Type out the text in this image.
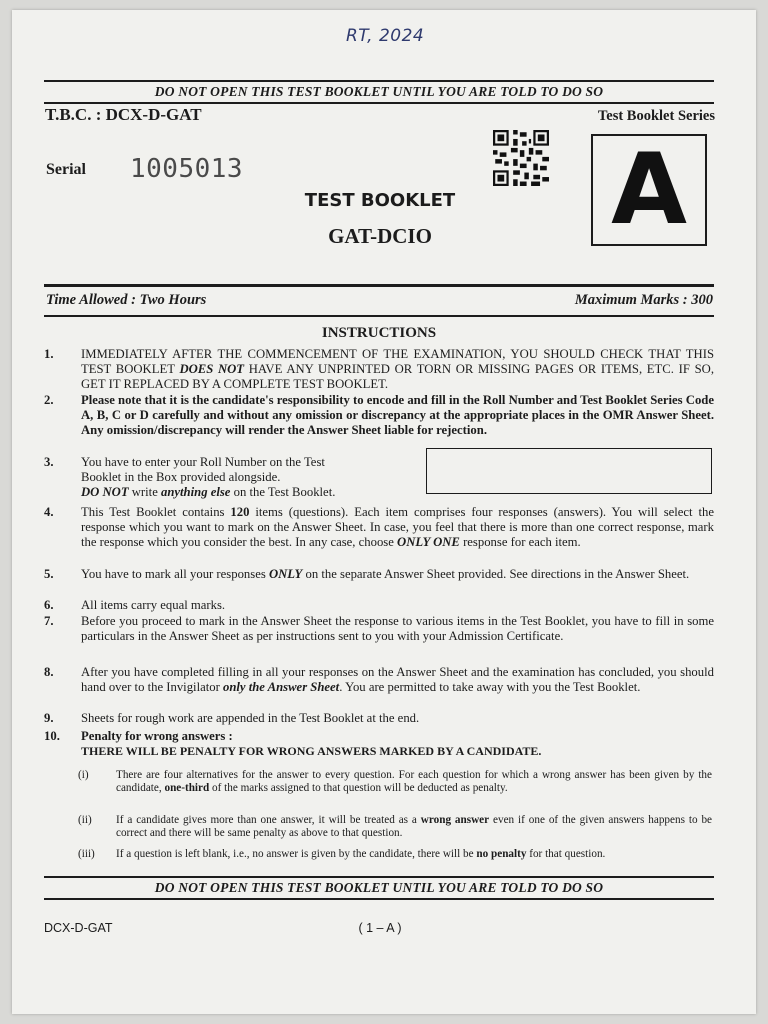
RT, 2024
DO NOT OPEN THIS TEST BOOKLET UNTIL YOU ARE TOLD TO DO SO
T.B.C. : DCX-D-GAT	Test Booklet Series
Serial 1005013	A
TEST BOOKLET
GAT-DCIO
Time Allowed : Two Hours	Maximum Marks : 300
INSTRUCTIONS
1.	IMMEDIATELY AFTER THE COMMENCEMENT OF THE EXAMINATION, YOU SHOULD CHECK THAT THIS TEST BOOKLET DOES NOT HAVE ANY UNPRINTED OR TORN OR MISSING PAGES OR ITEMS, ETC. IF SO, GET IT REPLACED BY A COMPLETE TEST BOOKLET.
2.	Please note that it is the candidate's responsibility to encode and fill in the Roll Number and Test Booklet Series Code A, B, C or D carefully and without any omission or discrepancy at the appropriate places in the OMR Answer Sheet. Any omission/discrepancy will render the Answer Sheet liable for rejection.
3.	You have to enter your Roll Number on the Test Booklet in the Box provided alongside.
DO NOT write anything else on the Test Booklet.
4.	This Test Booklet contains 120 items (questions). Each item comprises four responses (answers). You will select the response which you want to mark on the Answer Sheet. In case, you feel that there is more than one correct response, mark the response which you consider the best. In any case, choose ONLY ONE response for each item.
5.	You have to mark all your responses ONLY on the separate Answer Sheet provided. See directions in the Answer Sheet.
6.	All items carry equal marks.
7.	Before you proceed to mark in the Answer Sheet the response to various items in the Test Booklet, you have to fill in some particulars in the Answer Sheet as per instructions sent to you with your Admission Certificate.
8.	After you have completed filling in all your responses on the Answer Sheet and the examination has concluded, you should hand over to the Invigilator only the Answer Sheet. You are permitted to take away with you the Test Booklet.
9.	Sheets for rough work are appended in the Test Booklet at the end.
10.	Penalty for wrong answers :
THERE WILL BE PENALTY FOR WRONG ANSWERS MARKED BY A CANDIDATE.
(i) There are four alternatives for the answer to every question. For each question for which a wrong answer has been given by the candidate, one-third of the marks assigned to that question will be deducted as penalty.
(ii) If a candidate gives more than one answer, it will be treated as a wrong answer even if one of the given answers happens to be correct and there will be same penalty as above to that question.
(iii) If a question is left blank, i.e., no answer is given by the candidate, there will be no penalty for that question.
DO NOT OPEN THIS TEST BOOKLET UNTIL YOU ARE TOLD TO DO SO
DCX-D-GAT	( 1 – A )
